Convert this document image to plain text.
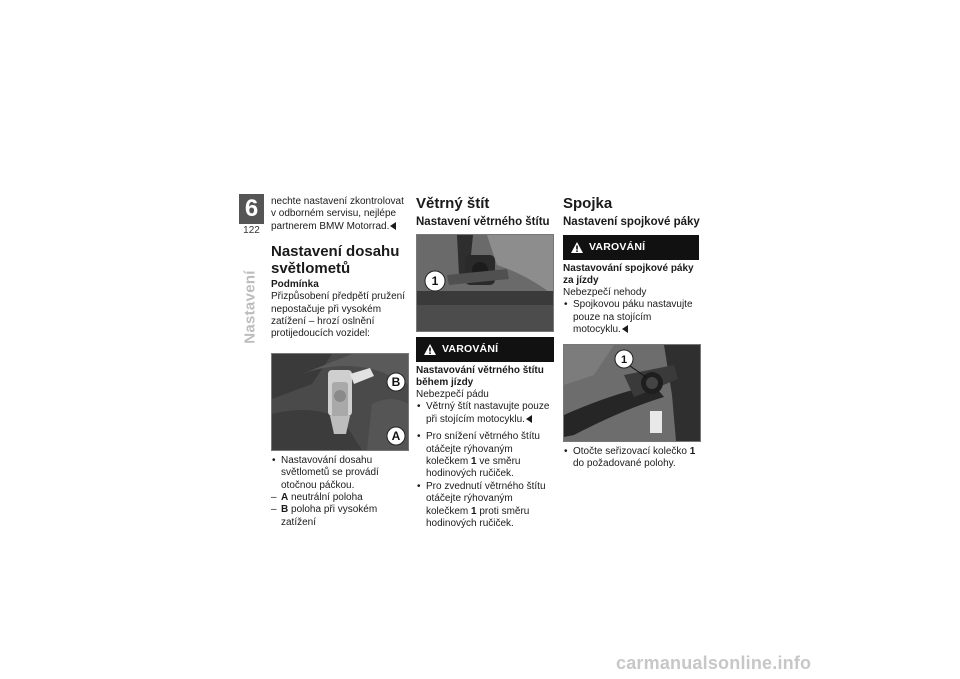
6
122
Nastavení

nechte nastavení zkontrolovat v odborném servisu, nejlépe partnerem BMW Motorrad.

Nastavení dosahu světlometů
Podmínka

Přizpůsobení předpětí pružení nepostačuje při vysokém zatížení – hrozí oslnění protijedoucích vozidel:

B
A
• Nastavování dosahu světlometů se provádí otočnou páčkou.
– A neutrální poloha
– B poloha při vysokém zatížení
Větrný štít
Nastavení větrného štítu
1
VAROVÁNÍ
Nastavování větrného štítu během jízdy

Nebezpečí pádu

• Větrný štít nastavujte pouze při stojícím motocyklu.
• Pro snížení větrného štítu otáčejte rýhovaným kolečkem 1 ve směru hodinových ručiček.
• Pro zvednutí větrného štítu otáčejte rýhovaným kolečkem 1 proti směru hodinových ručiček.
Spojka
Nastavení spojkové páky
VAROVÁNÍ
Nastavování spojkové páky za jízdy

Nebezpečí nehody

• Spojkovou páku nastavujte pouze na stojícím motocyklu.
1
• Otočte seřizovací kolečko 1 do požadované polohy.
carmanualsonline.info
